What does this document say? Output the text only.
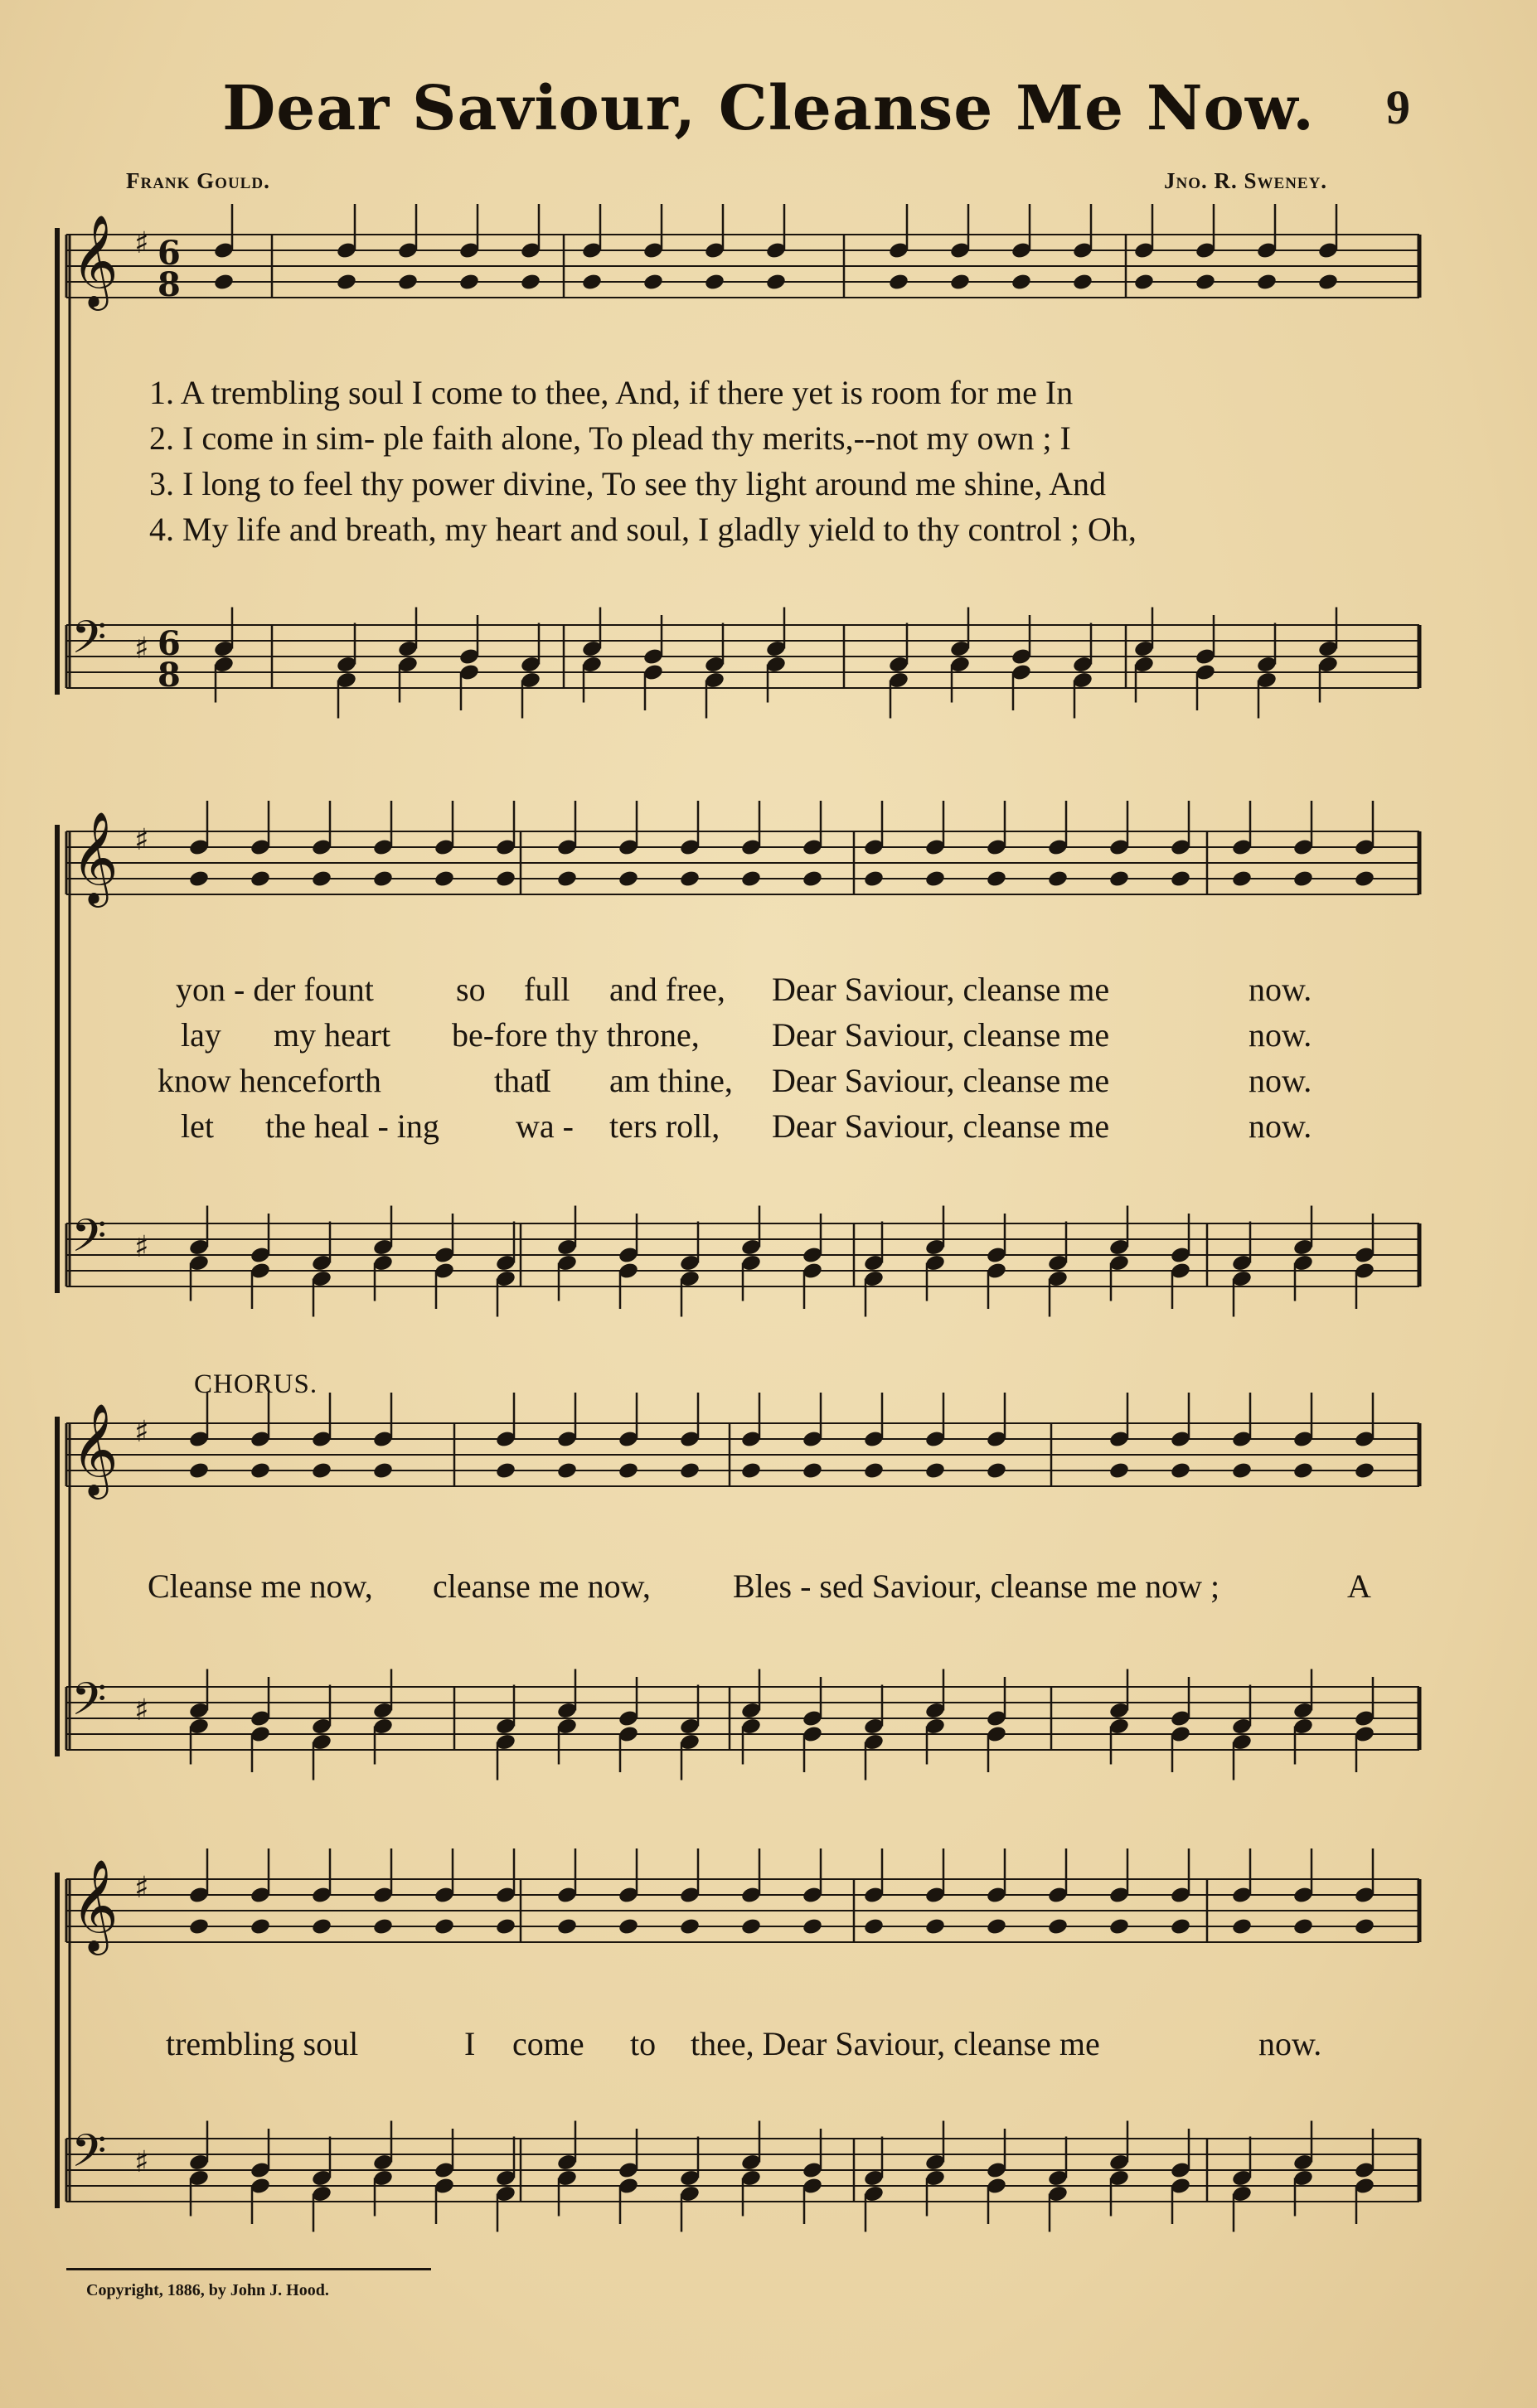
Dear Saviour, Cleanse Me Now.	9
Frank Gould.	Jno. R. Sweney.
𝄞 ♯ 6
8
𝄢 ♯ 6
8
𝄞 ♯
𝄢 ♯
𝄞 ♯
𝄢 ♯
𝄞 ♯
𝄢 ♯
1. A trembling soul I come to thee, And, if there yet is room for me In
2. I come in sim- ple faith alone, To plead thy merits,--not my own ; I
3. I long to feel thy power divine, To see thy light around me shine, And
4. My life and breath, my heart and soul, I gladly yield to thy control ; Oh,
yon - der fount so full and free, Dear Saviour, cleanse me	now.
lay my heart be-fore thy throne, Dear Saviour, cleanse me	now.
know henceforth	that
I am thine, Dear Saviour, cleanse me	now.
let the heal - ing wa - ters roll, Dear Saviour, cleanse me	now.
CHORUS.
Cleanse me now, cleanse me now, Bles - sed Saviour, cleanse me now ;	A
trembling soul	I come to thee, Dear Saviour, cleanse me	now.
Copyright, 1886, by John J. Hood.
